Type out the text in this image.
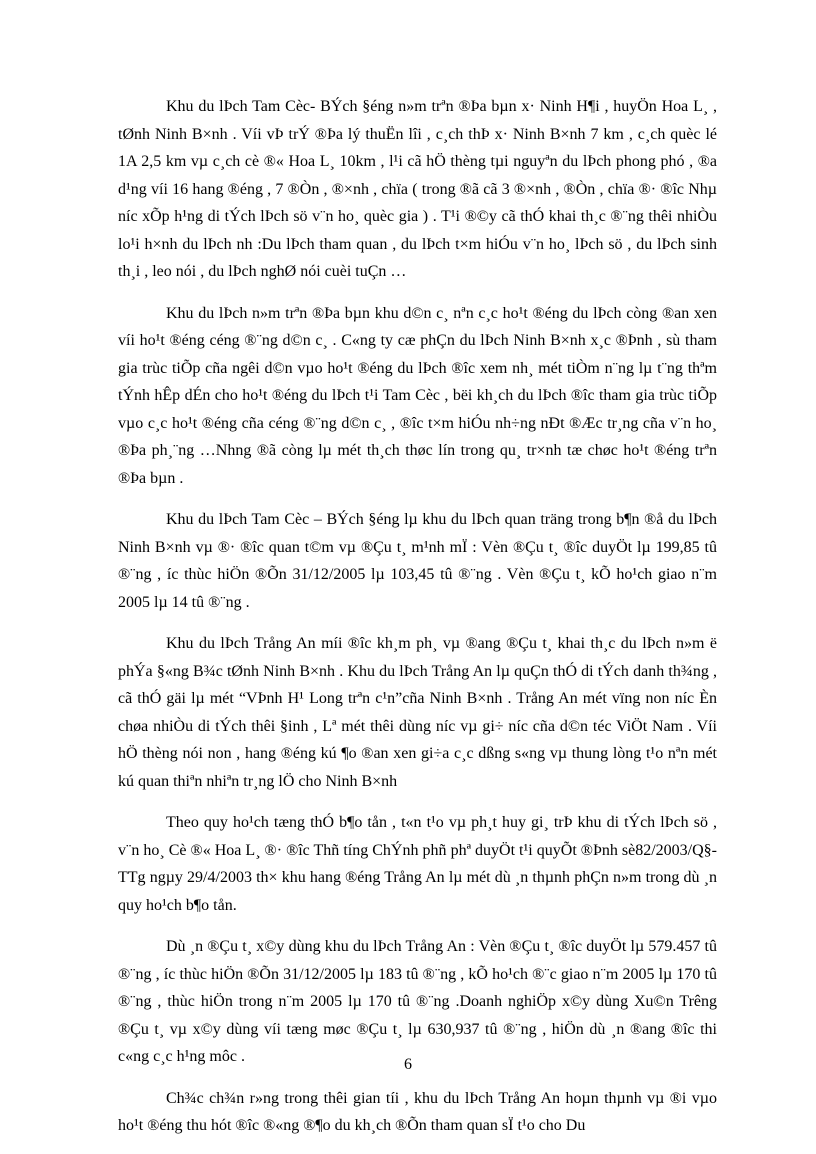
Khu du lÞch Tam Cèc- BÝch §éng n»m trªn ®Þa bµn x· Ninh H¶i , huyÖn Hoa L¸ , tØnh Ninh B×nh . Víi vÞ trÝ ®Þa lý thuËn lîi , c¸ch thÞ x· Ninh B×nh 7 km , c¸ch quèc lé 1A 2,5 km vµ c¸ch cè ®« Hoa L¸ 10km , l¹i cã hÖ thèng tµi nguyªn du lÞch phong phó , ®a d¹ng víi 16 hang ®éng , 7 ®Òn , ®×nh , chïa ( trong ®ã cã 3 ®×nh , ®Òn , chïa ®· ®îc Nhµ níc xÕp h¹ng di tÝch lÞch sö v¨n ho¸ quèc gia ) . T¹i ®©y cã thÓ khai th¸c ®¨ng thêi nhiÒu lo¹i h×nh du lÞch nh :Du lÞch tham quan , du lÞch t×m hiÓu v¨n ho¸ lÞch sö , du lÞch sinh th¸i , leo nói , du lÞch nghØ nói cuèi tuÇn …

Khu du lÞch n»m trªn ®Þa bµn khu d©n c¸ nªn c¸c ho¹t ®éng du lÞch còng ®an xen víi ho¹t ®éng céng ®¨ng d©n c¸ . C«ng ty cæ phÇn du lÞch Ninh B×nh x¸c ®Þnh , sù tham gia trùc tiÕp cña ngêi d©n vµo ho¹t ®éng du lÞch ®îc xem nh¸ mét tiÒm n¨ng lµ t¨ng thªm tÝnh hÊp dÉn cho ho¹t ®éng du lÞch t¹i Tam Cèc , bëi kh¸ch du lÞch ®îc tham gia trùc tiÕp vµo c¸c ho¹t ®éng cña céng ®¨ng d©n c¸ , ®îc t×m hiÓu nh÷ng nÐt ®Æc tr¸ng cña v¨n ho¸ ®Þa ph¸¨ng …Nhng ®ã còng lµ mét th¸ch thøc lín trong qu¸ tr×nh tæ chøc ho¹t ®éng trªn ®Þa bµn .

Khu du lÞch Tam Cèc – BÝch §éng lµ khu du lÞch quan träng trong b¶n ®å du lÞch Ninh B×nh vµ ®· ®îc quan t©m vµ ®Çu t¸ m¹nh mÏ : Vèn ®Çu t¸ ®îc duyÖt lµ 199,85 tû ®¨ng , íc thùc hiÖn ®Õn 31/12/2005 lµ 103,45 tû ®¨ng . Vèn ®Çu t¸ kÕ ho¹ch giao n¨m 2005 lµ 14 tû ®¨ng .

Khu du lÞch Trång An míi ®îc kh¸m ph¸ vµ ®ang ®Çu t¸ khai th¸c du lÞch n»m ë phÝa §«ng B¾c tØnh Ninh B×nh . Khu du lÞch Trång An lµ quÇn thÓ di tÝch danh th¾ng , cã thÓ gäi lµ mét “VÞnh H¹ Long trªn c¹n”cña Ninh B×nh . Trång An mét vïng non níc Èn chøa nhiÒu di tÝch thêi §inh , Lª mét thêi dùng níc vµ gi÷ níc cña d©n téc ViÖt Nam . Víi hÖ thèng nói non , hang ®éng kú ¶o ®an xen gi÷a c¸c dßng s«ng vµ thung lòng t¹o nªn mét kú quan thiªn nhiªn tr¸ng lÖ cho Ninh B×nh

Theo quy ho¹ch tæng thÓ b¶o tån , t«n t¹o vµ ph¸t huy gi¸ trÞ khu di tÝch lÞch sö , v¨n ho¸ Cè ®« Hoa L¸ ®· ®îc Thñ tíng ChÝnh phñ phª duyÖt t¹i quyÕt ®Þnh sè82/2003/Q§-TTg ngµy 29/4/2003 th× khu hang ®éng Trång An lµ mét dù ¸n thµnh phÇn n»m trong dù ¸n quy ho¹ch b¶o tån.

Dù ¸n ®Çu t¸ x©y dùng khu du lÞch Trång An : Vèn ®Çu t¸ ®îc duyÖt lµ 579.457 tû ®¨ng , íc thùc hiÖn ®Õn 31/12/2005 lµ 183 tû ®¨ng , kÕ ho¹ch ®¨c giao n¨m 2005 lµ 170 tû ®¨ng , thùc hiÖn trong n¨m 2005 lµ 170 tû ®¨ng .Doanh nghiÖp x©y dùng Xu©n Trêng ®Çu t¸ vµ x©y dùng víi tæng møc ®Çu t¸ lµ 630,937 tû ®¨ng , hiÖn dù ¸n ®ang ®îc thi c«ng c¸c h¹ng môc .

Ch¾c ch¾n r»ng trong thêi gian tíi , khu du lÞch Trång An hoµn thµnh vµ ®i vµo ho¹t ®éng thu hót ®îc ®«ng ®¶o du kh¸ch ®Õn tham quan sÏ t¹o cho Du

6
